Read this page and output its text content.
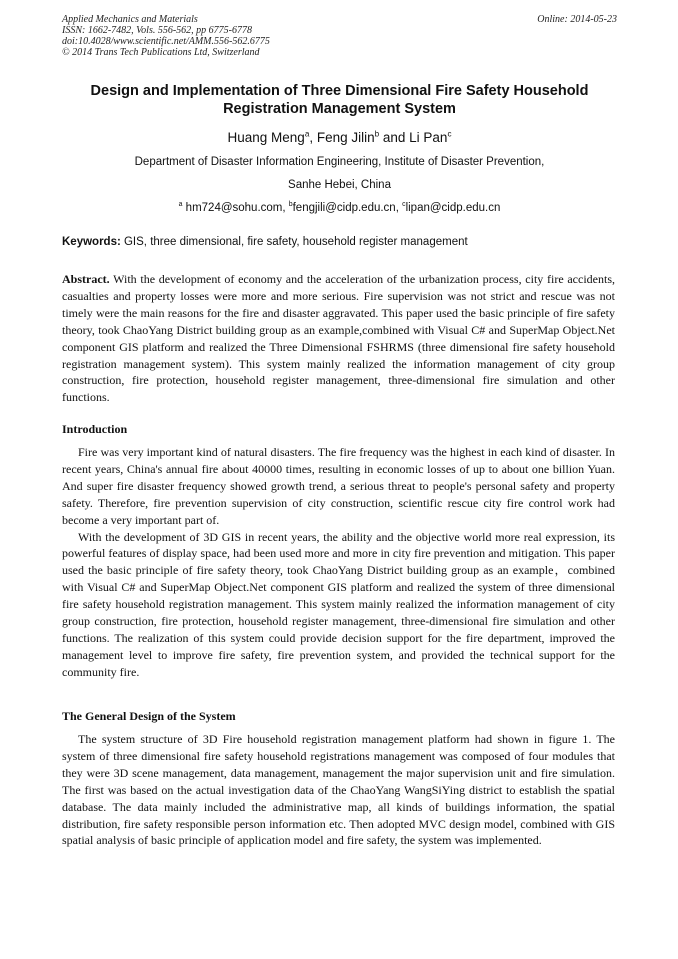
Applied Mechanics and Materials
ISSN: 1662-7482, Vols. 556-562, pp 6775-6778
doi:10.4028/www.scientific.net/AMM.556-562.6775
© 2014 Trans Tech Publications Ltd, Switzerland
Online: 2014-05-23
Design and Implementation of Three Dimensional Fire Safety Household
Registration Management System
Huang Meng$^a$, Feng Jilin$^b$ and Li Pan$^c$
Department of Disaster Information Engineering, Institute of Disaster Prevention,
Sanhe Hebei, China
$^a$ hm724@sohu.com, $^b$fengjili@cidp.edu.cn, $^c$lipan@cidp.edu.cn
Keywords: GIS, three dimensional, fire safety, household register management

Abstract. With the development of economy and the acceleration of the urbanization process, city fire accidents, casualties and property losses were more and more serious. Fire supervision was not strict and rescue was not timely were the main reasons for the fire and disaster aggravated. This paper used the basic principle of fire safety theory, took ChaoYang District building group as an example,combined with Visual C# and SuperMap Object.Net component GIS platform and realized the Three Dimensional FSHRMS (three dimensional fire safety household registration management system). This system mainly realized the information management of city group construction, fire protection, household register management, three-dimensional fire simulation and other functions.

Introduction

Fire was very important kind of natural disasters. The fire frequency was the highest in each kind of disaster. In recent years, China's annual fire about 40000 times, resulting in economic losses of up to about one billion Yuan. And super fire disaster frequency showed growth trend, a serious threat to people's personal safety and property safety. Therefore, fire prevention supervision of city construction, scientific rescue city fire control work had become a very important part of.

With the development of 3D GIS in recent years, the ability and the objective world more real expression, its powerful features of display space, had been used more and more in city fire prevention and mitigation. This paper used the basic principle of fire safety theory, took ChaoYang District building group as an example，combined with Visual C# and SuperMap Object.Net component GIS platform and realized the system of three dimensional fire safety household registration management. This system mainly realized the information management of city group construction, fire protection, household register management, three-dimensional fire simulation and other functions. The realization of this system could provide decision support for the fire department, improved the management level to improve fire safety, fire prevention system, and provided the technical support for the community fire.

The General Design of the System

The system structure of 3D Fire household registration management platform had shown in figure 1. The system of three dimensional fire safety household registrations management was composed of four modules that they were 3D scene management, data management, management the major supervision unit and fire simulation. The first was based on the actual investigation data of the ChaoYang WangSiYing district to establish the spatial database. The data mainly included the administrative map, all kinds of buildings information, the spatial distribution, fire safety responsible person information etc. Then adopted MVC design model, combined with GIS spatial analysis of basic principle of application model and fire safety, the system was implemented.
